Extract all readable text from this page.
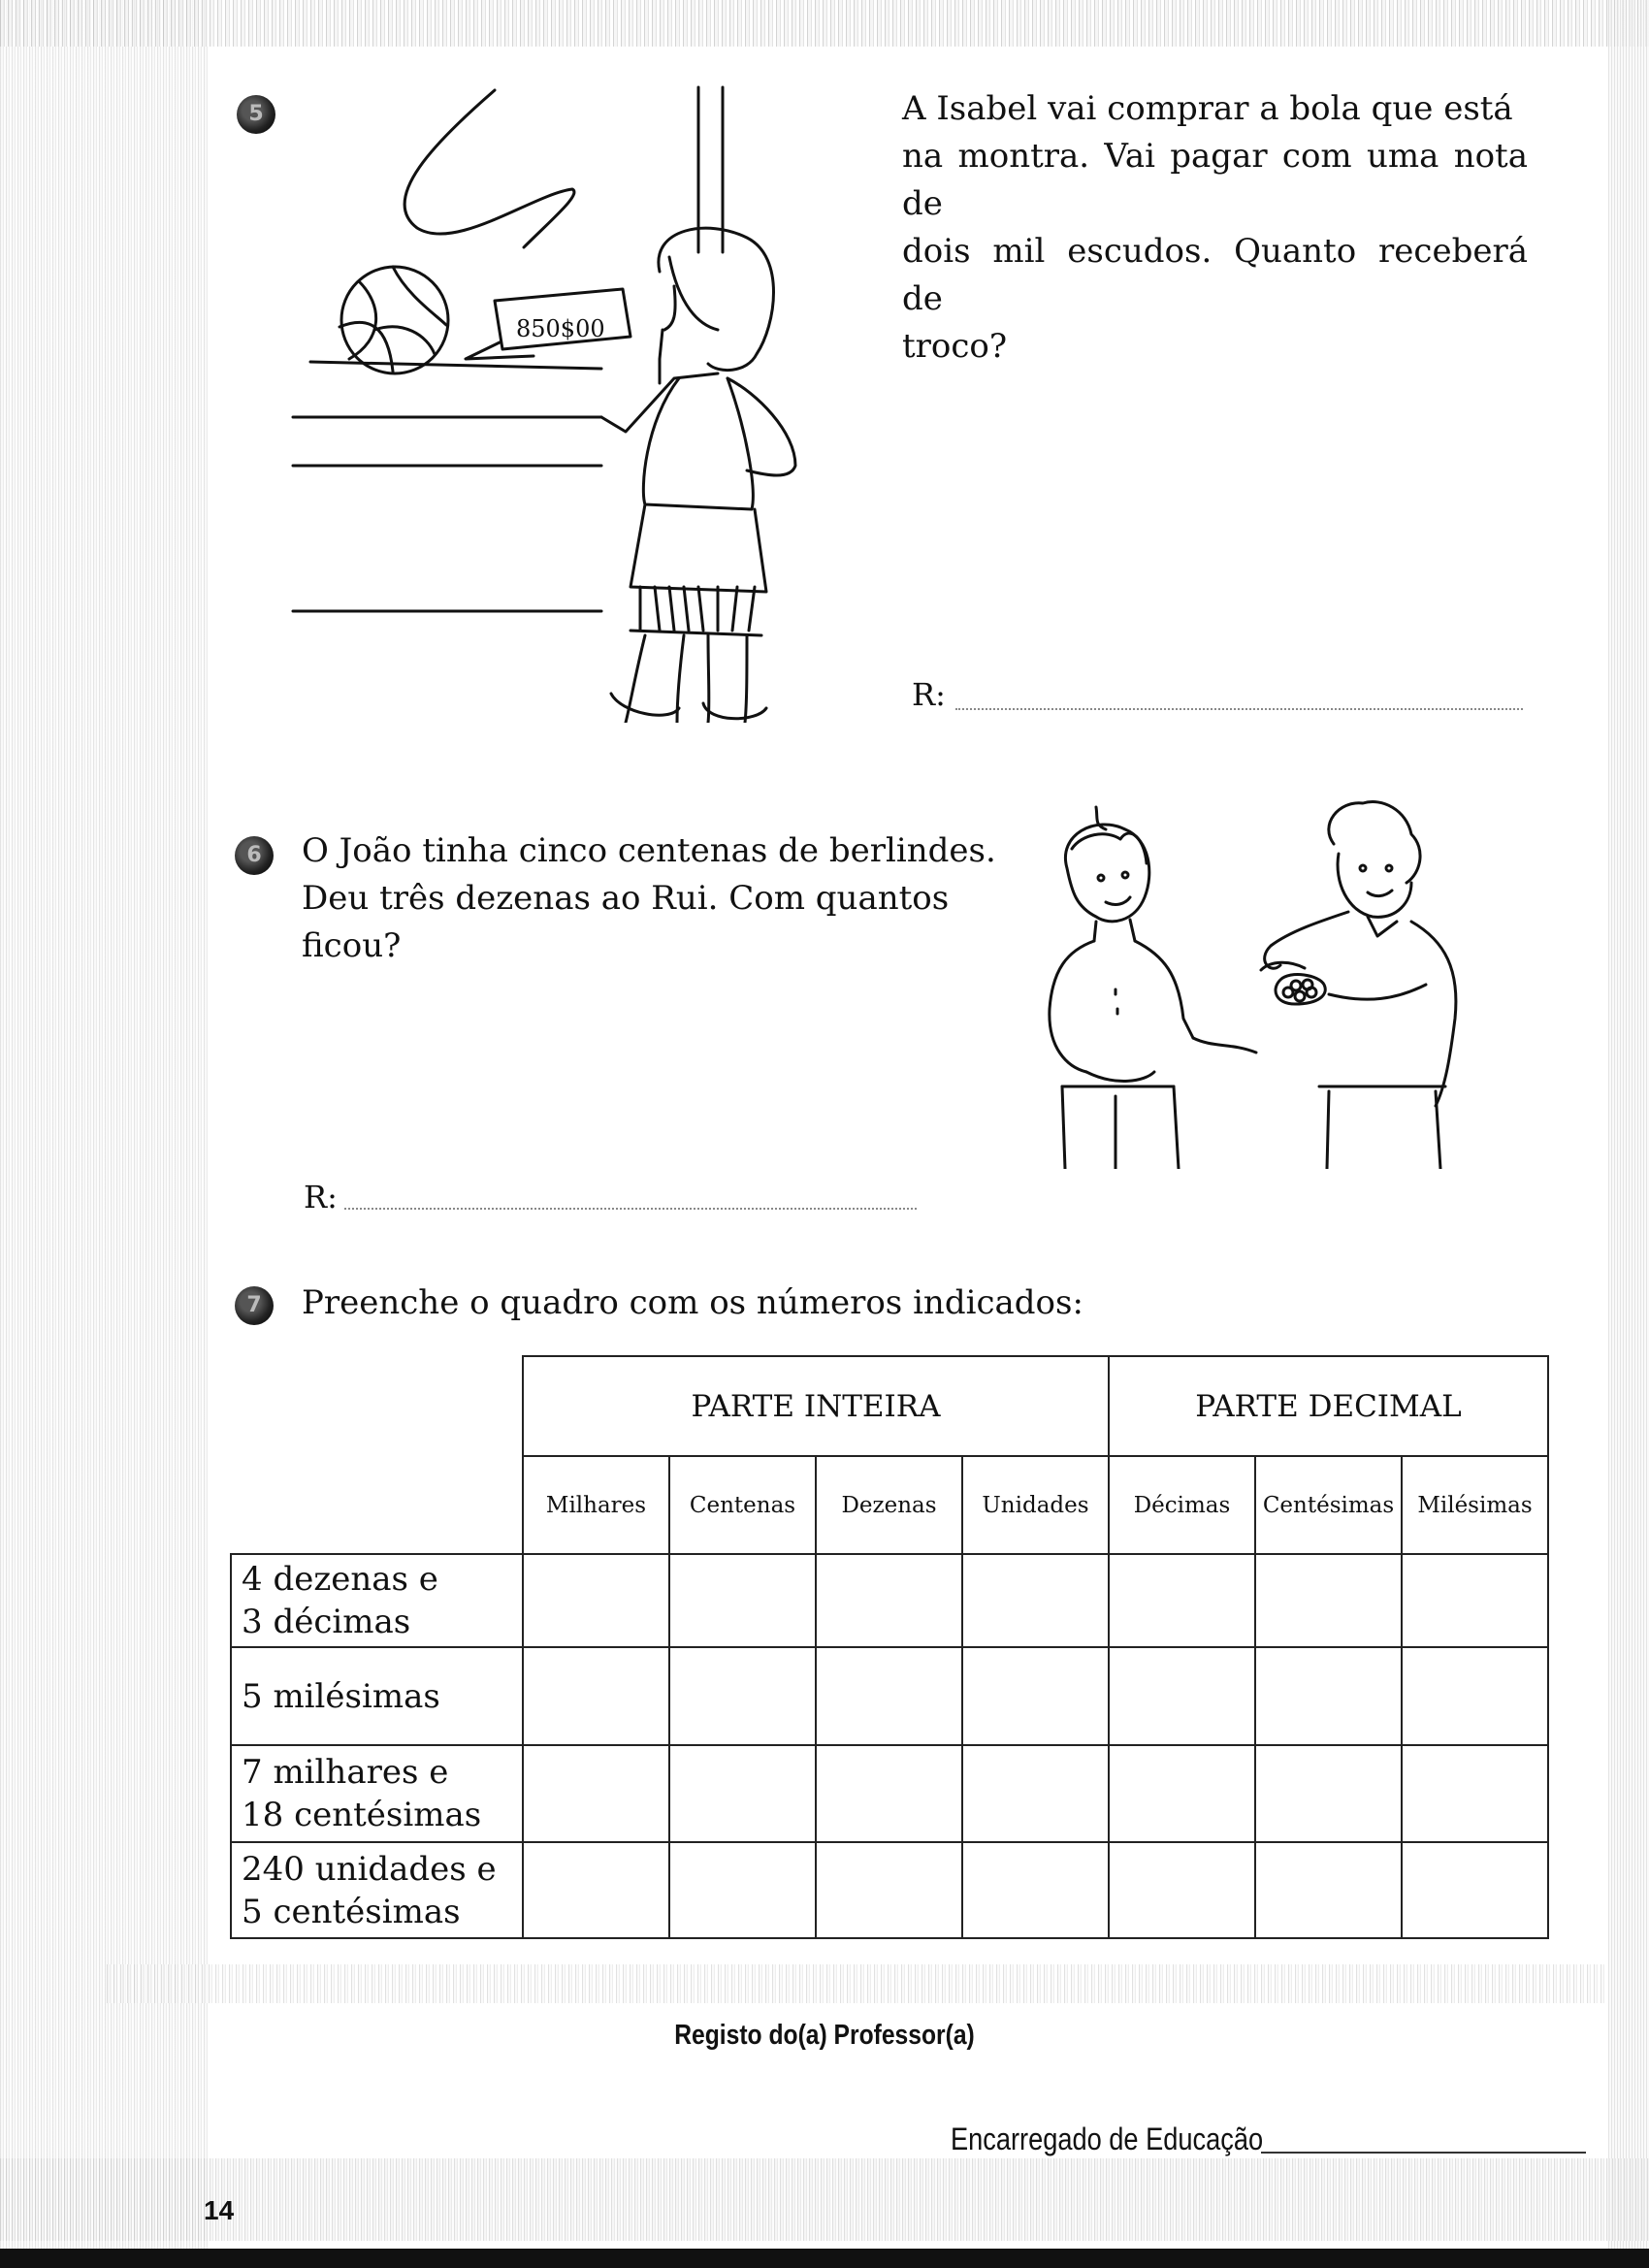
5
850$00
A Isabel vai comprar a bola que está
na montra. Vai pagar com uma nota de
dois mil escudos. Quanto receberá de
troco?
R:
6	O João tinha cinco centenas de berlindes.
Deu três dezenas ao Rui. Com quantos
ficou?
R:
7	Preenche o quadro com os números indicados:
	PARTE INTEIRA				PARTE DECIMAL		
	Milhares	Centenas	Dezenas	Unidades	Décimas	Centésimas	Milésimas

4 dezenas e
3 décimas							

5 milésimas							

7 milhares e
18 centésimas							

240 unidades e
5 centésimas							

Registo do(a) Professor(a)
Encarregado de Educação
14
